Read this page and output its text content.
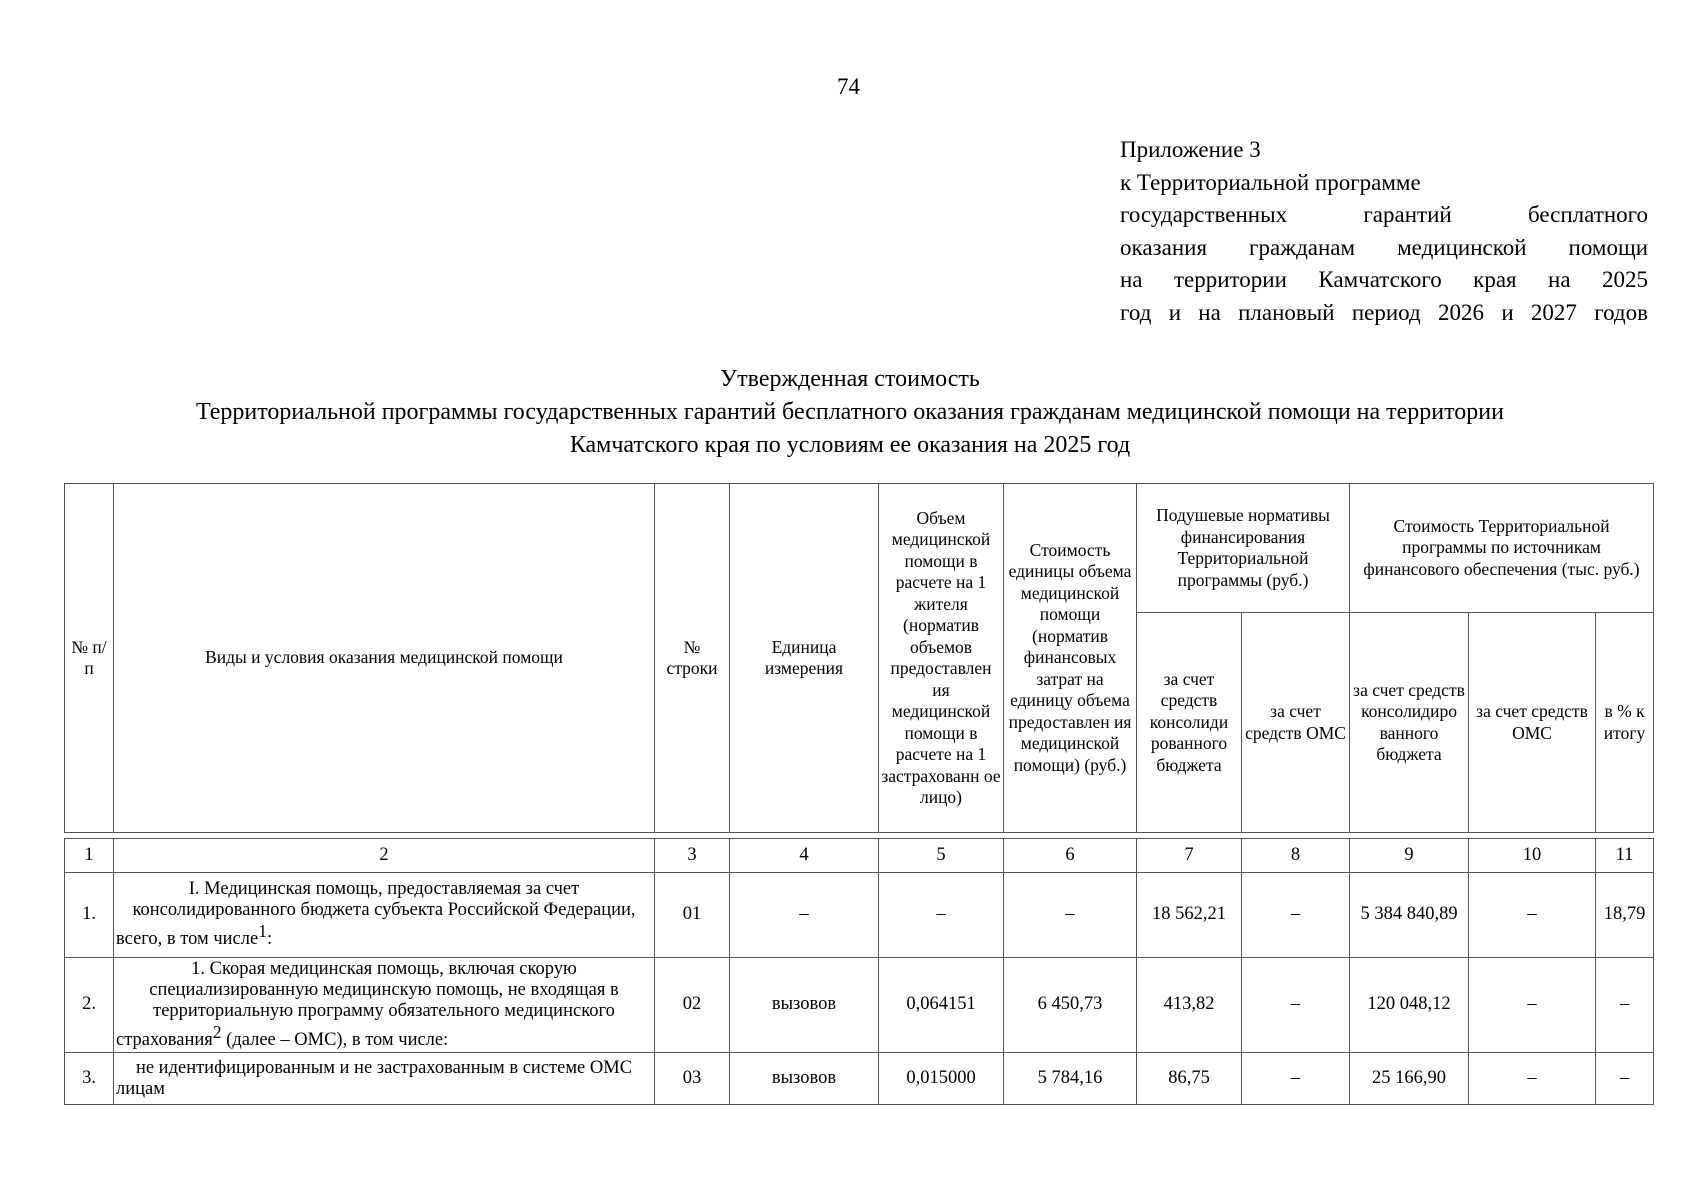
74
Приложение 3
к Территориальной программе
государственных гарантий бесплатного
оказания гражданам медицинской помощи
на территории Камчатского края на 2025
год и на плановый период 2026 и 2027 годов
Утвержденная стоимость
Территориальной программы государственных гарантий бесплатного оказания гражданам медицинской помощи на территории
Камчатского края по условиям ее оказания на 2025 год
№ п/п	Виды и условия оказания медицинской помощи	№ строки	Единица измерения	Объем медицинской помощи в расчете на 1 жителя (норматив объемов предоставлен ия медицинской помощи в расчете на 1 застрахованн ое лицо)	Стоимость единицы объема медицинской помощи (норматив финансовых затрат на единицу объема предоставлен ия медицинской помощи) (руб.)	Подушевые нормативы финансирования Территориальной программы (руб.)		Стоимость Территориальной программы по источникам финансового обеспечения (тыс. руб.)		
						за счет средств консолиди рованного бюджета	за счет средств ОМС	за счет средств консолидиро ванного бюджета	за счет средств ОМС	в % к итогу
1	2	3	4	5	6	7	8	9	10	11
1.	I. Медицинская помощь, предоставляемая за счет консолидированного бюджета субъекта Российской Федерации, всего, в том числе$^1$:	01	–	–	–	18 562,21	–	5 384 840,89	–	18,79
2.	1. Скорая медицинская помощь, включая скорую специализированную медицинскую помощь, не входящая в территориальную программу обязательного медицинского страхования$^2$ (далее – ОМС), в том числе:	02	вызовов	0,064151	6 450,73	413,82	–	120 048,12	–	–
3.	не идентифицированным и не застрахованным в системе ОМС лицам	03	вызовов	0,015000	5 784,16	86,75	–	25 166,90	–	–
